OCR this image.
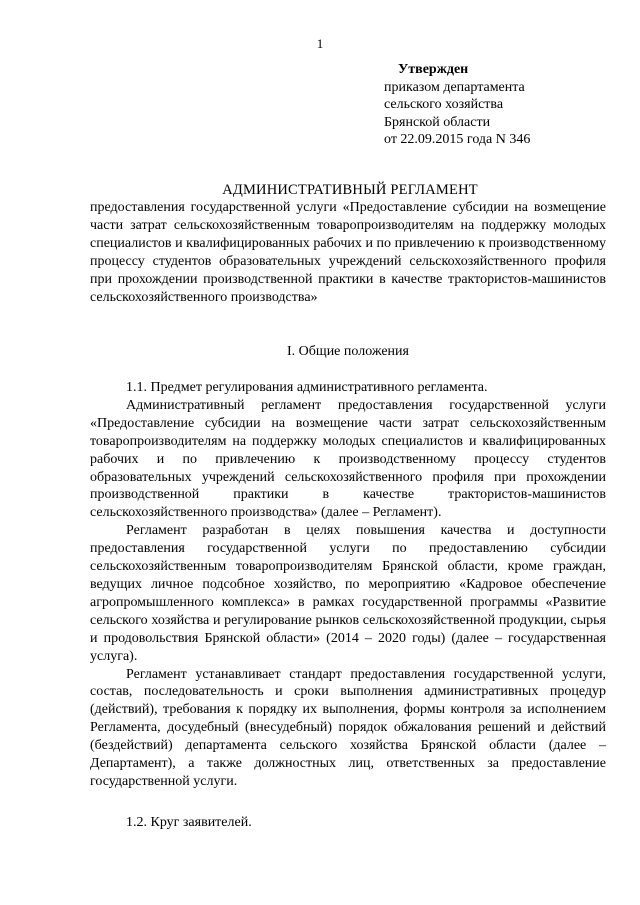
1
Утвержден
приказом департамента
сельского хозяйства
Брянской области
от 22.09.2015 года N 346
АДМИНИСТРАТИВНЫЙ РЕГЛАМЕНТ

предоставления государственной услуги «Предоставление субсидии на возмещение части затрат сельскохозяйственным товаропроизводителям на поддержку молодых специалистов и квалифицированных рабочих и по привлечению к производственному процессу студентов образовательных учреждений сельскохозяйственного профиля при прохождении производственной практики в качестве трактористов-машинистов сельскохозяйственного производства»

I. Общие положения

1.1. Предмет регулирования административного регламента.

Административный регламент предоставления государственной услуги «Предоставление субсидии на возмещение части затрат сельскохозяйственным товаропроизводителям на поддержку молодых специалистов и квалифицированных рабочих и по привлечению к производственному процессу студентов образовательных учреждений сельскохозяйственного профиля при прохождении производственной практики в качестве трактористов-машинистов сельскохозяйственного производства» (далее – Регламент).

Регламент разработан в целях повышения качества и доступности предоставления государственной услуги по предоставлению субсидии сельскохозяйственным товаропроизводителям Брянской области, кроме граждан, ведущих личное подсобное хозяйство, по мероприятию «Кадровое обеспечение агропромышленного комплекса» в рамках государственной программы «Развитие сельского хозяйства и регулирование рынков сельскохозяйственной продукции, сырья и продовольствия Брянской области» (2014 – 2020 годы) (далее – государственная услуга).

Регламент устанавливает стандарт предоставления государственной услуги, состав, последовательность и сроки выполнения административных процедур (действий), требования к порядку их выполнения, формы контроля за исполнением Регламента, досудебный (внесудебный) порядок обжалования решений и действий (бездействий) департамента сельского хозяйства Брянской области (далее – Департамент), а также должностных лиц, ответственных за предоставление государственной услуги.

1.2. Круг заявителей.
